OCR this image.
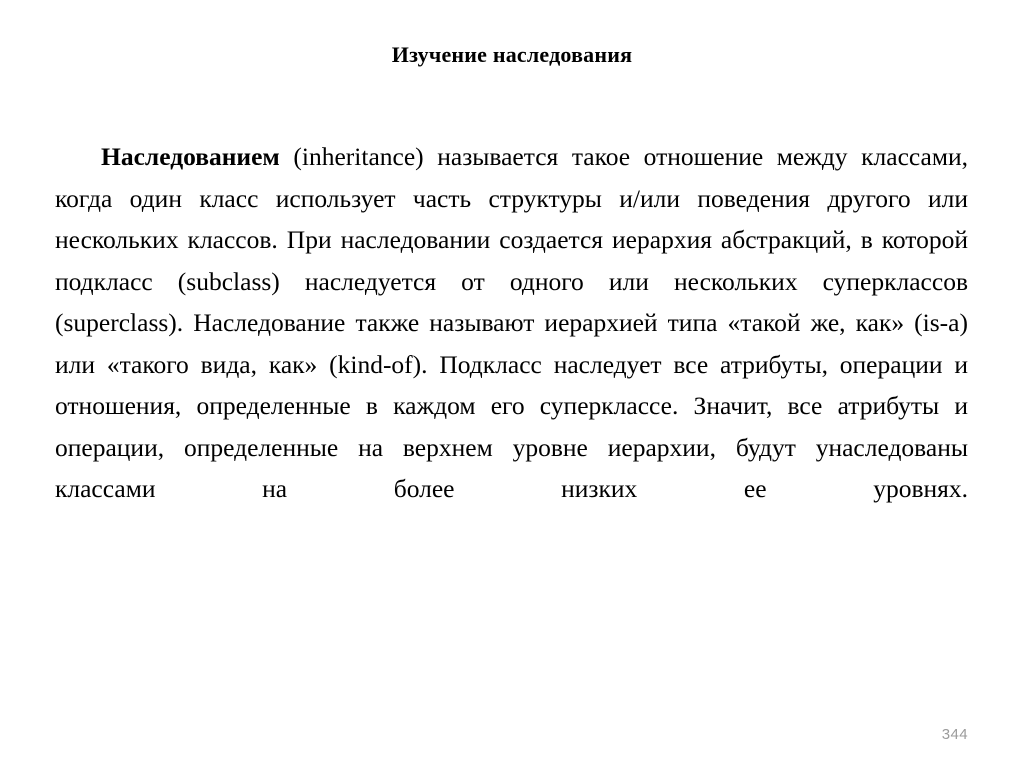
Изучение наследования

Наследованием (inheritance) называется такое отношение между классами, когда один класс использует часть структуры и/или поведения другого или нескольких классов. При наследовании создается иерархия абстракций, в которой подкласс (subclass) наследуется от одного или нескольких суперклассов (superclass). Наследование также называют иерархией типа «такой же, как» (is-a) или «такого вида, как» (kind-of). Подкласс наследует все атрибуты, операции и отношения, определенные в каждом его суперклассе. Значит, все атрибуты и операции, определенные на верхнем уровне иерархии, будут унаследованы классами на более низких ее уровнях.

344
